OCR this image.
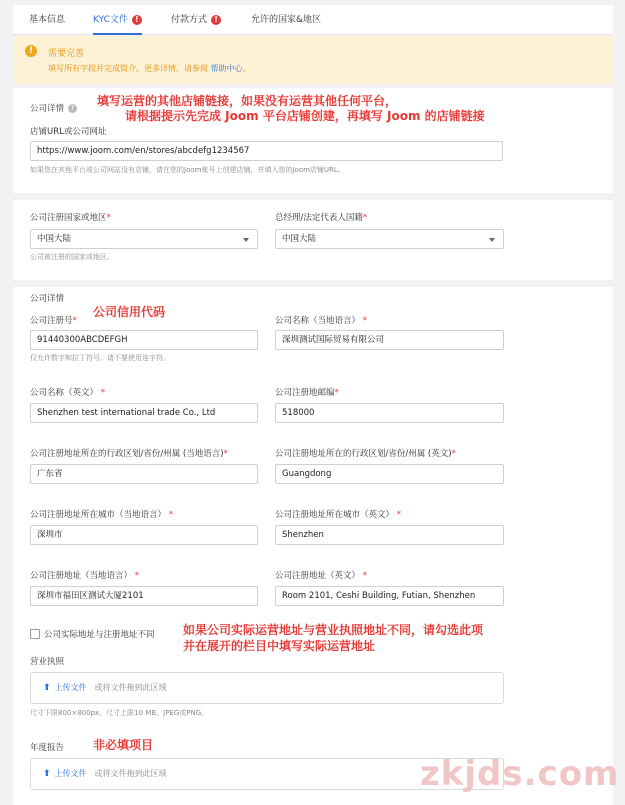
基本信息	KYC文件 !	付款方式 !	允许的国家&地区
!	需要完善
填写所有字段并完成简介。更多详情，请参阅 帮助中心。
公司详情 ? 填写运营的其他店铺链接，如果没有运营其他任何平台，
请根据提示先完成 Joom 平台店铺创建，再填写 Joom 的店铺链接
店铺URL或公司网址
https://www.joom.com/en/stores/abcdefg1234567
如果您在其他平台或公司网站没有店铺，请在您的Joom账号上创建店铺，并填入您的Joom店铺URL。
公司注册国家或地区*
中国大陆
公司被注册的国家或地区。
总经理/法定代表人国籍*
中国大陆
公司详情
公司信用代码
公司注册号*
91440300ABCDEFGH
仅允许数字和拉丁符号。请不要使用连字符。
公司名称（当地语言） *
深圳测试国际贸易有限公司
公司名称（英文） *
Shenzhen test international trade Co., Ltd
公司注册地邮编*
518000
公司注册地址所在的行政区划/省份/州属 (当地语言)*
广东省
公司注册地址所在的行政区划/省份/州属 (英文)*
Guangdong
公司注册地址所在城市（当地语言） *
深圳市
公司注册地址所在城市（英文） *
Shenzhen
公司注册地址（当地语言） *
深圳市福田区测试大厦2101
公司注册地址（英文） *
Room 2101, Ceshi Building, Futian, Shenzhen
公司实际地址与注册地址不同 如果公司实际运营地址与营业执照地址不同，请勾选此项
并在展开的栏目中填写实际运营地址
营业执照
⬆ 上传文件 或将文件拖到此区域
尺寸下限800×800px，尺寸上限10 MB。JPEG或PNG。
年度报告 非必填项目
⬆ 上传文件 或将文件拖到此区域	zkjds.com
